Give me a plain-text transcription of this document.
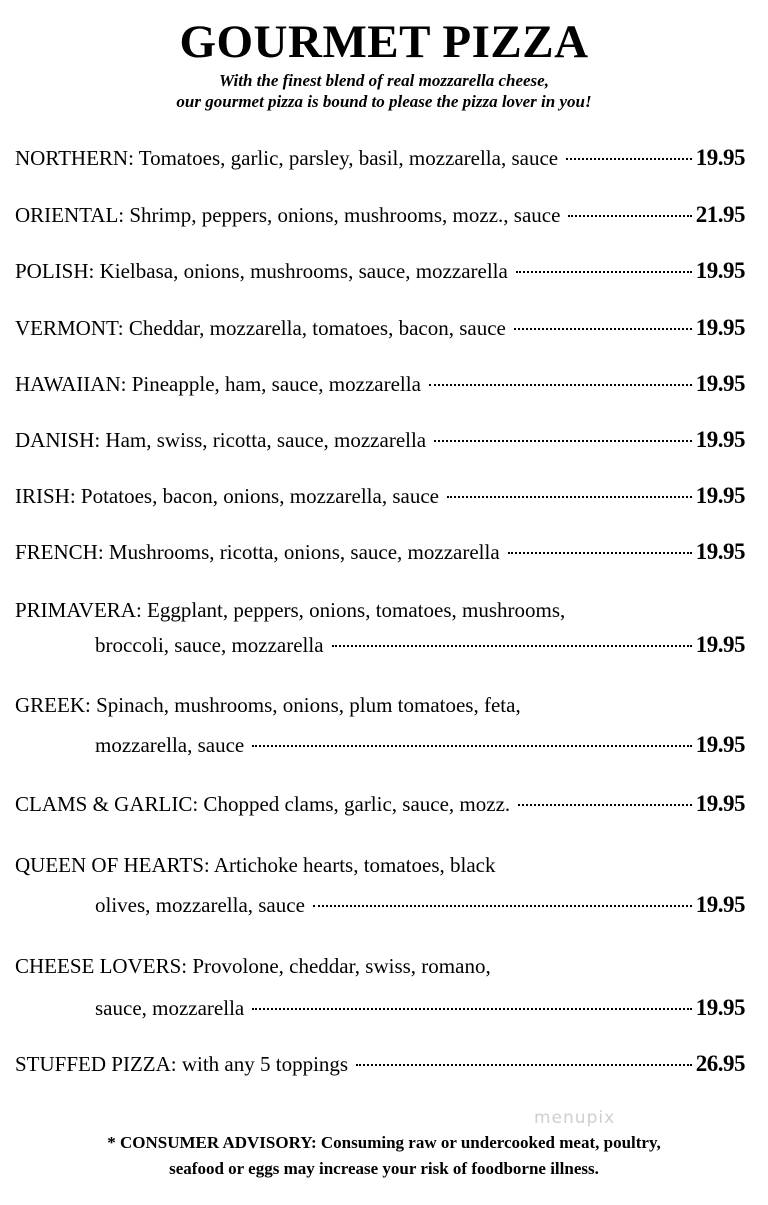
GOURMET PIZZA
With the finest blend of real mozzarella cheese,
our gourmet pizza is bound to please the pizza lover in you!
NORTHERN: Tomatoes, garlic, parsley, basil, mozzarella, sauce	19.95
ORIENTAL: Shrimp, peppers, onions, mushrooms, mozz., sauce	21.95
POLISH: Kielbasa, onions, mushrooms, sauce, mozzarella	19.95
VERMONT: Cheddar, mozzarella, tomatoes, bacon, sauce	19.95
HAWAIIAN: Pineapple, ham, sauce, mozzarella	19.95
DANISH: Ham, swiss, ricotta, sauce, mozzarella	19.95
IRISH: Potatoes, bacon, onions, mozzarella, sauce	19.95
FRENCH: Mushrooms, ricotta, onions, sauce, mozzarella	19.95
PRIMAVERA: Eggplant, peppers, onions, tomatoes, mushrooms,
broccoli, sauce, mozzarella	19.95
GREEK: Spinach, mushrooms, onions, plum tomatoes, feta,
mozzarella, sauce	19.95
CLAMS & GARLIC: Chopped clams, garlic, sauce, mozz.	19.95
QUEEN OF HEARTS: Artichoke hearts, tomatoes, black
olives, mozzarella, sauce	19.95
CHEESE LOVERS: Provolone, cheddar, swiss, romano,
sauce, mozzarella	19.95
STUFFED PIZZA: with any 5 toppings	26.95
menupix
* CONSUMER ADVISORY: Consuming raw or undercooked meat, poultry,
seafood or eggs may increase your risk of foodborne illness.
